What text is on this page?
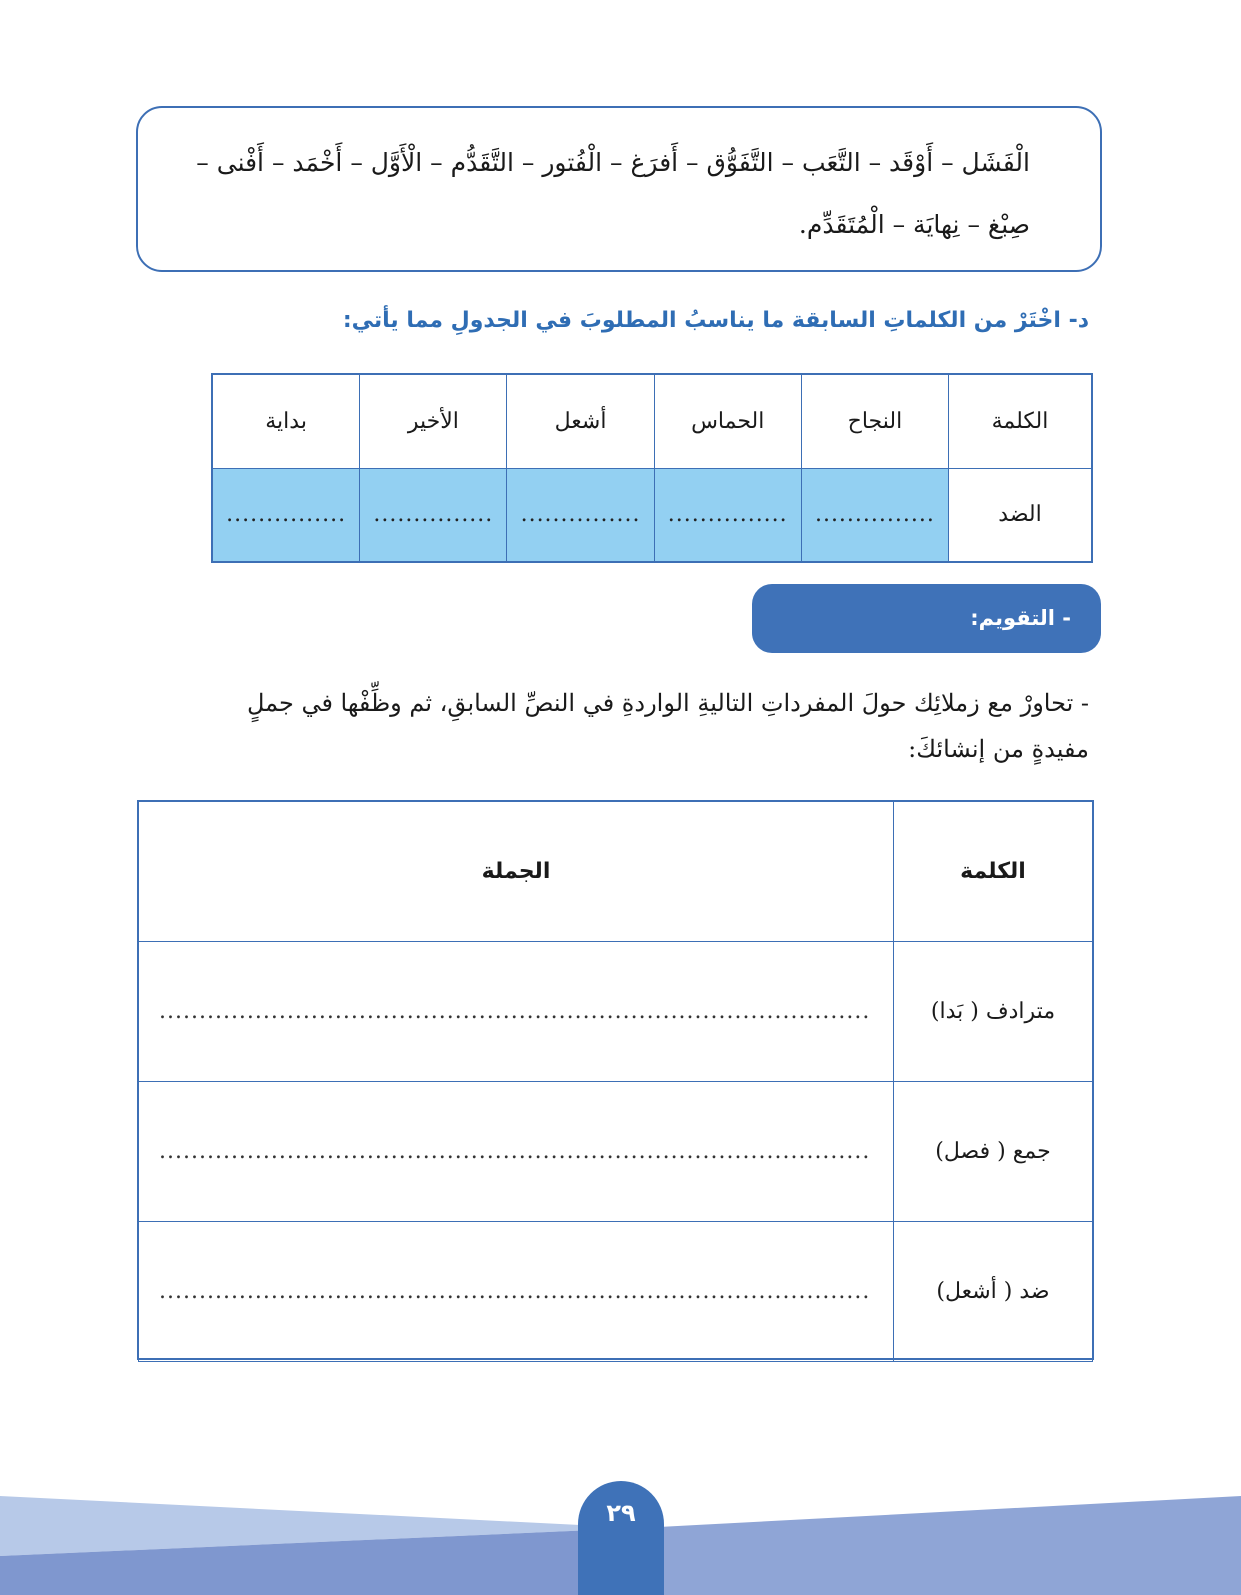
الْفَشَل – أَوْقَد – التَّعَب – التَّفَوُّق – أَفرَغ – الْفُتور – التَّقَدُّم – الْأَوَّل – أَخْمَد – أَفْنى –
صِبْغ – نِهايَة – الْمُتَقَدِّم.
د- اخْتَرْ من الكلماتِ السابقة ما يناسبُ المطلوبَ في الجدولِ مما يأتي:
الكلمة	النجاح	الحماس	أشعل	الأخير	بداية
الضد	...............	...............	...............	...............	...............
- التقويم:
- تحاورْ مع زملائِك حولَ المفرداتِ التاليةِ الواردةِ في النصِّ السابقِ، ثم وظِّفْها في جملٍ
مفيدةٍ من إنشائكَ:
الكلمة	الجملة
مترادف ( بَدا)	.........................................................................................
جمع ( فصل)	.........................................................................................
ضد ( أشعل)	.........................................................................................
٢٩
